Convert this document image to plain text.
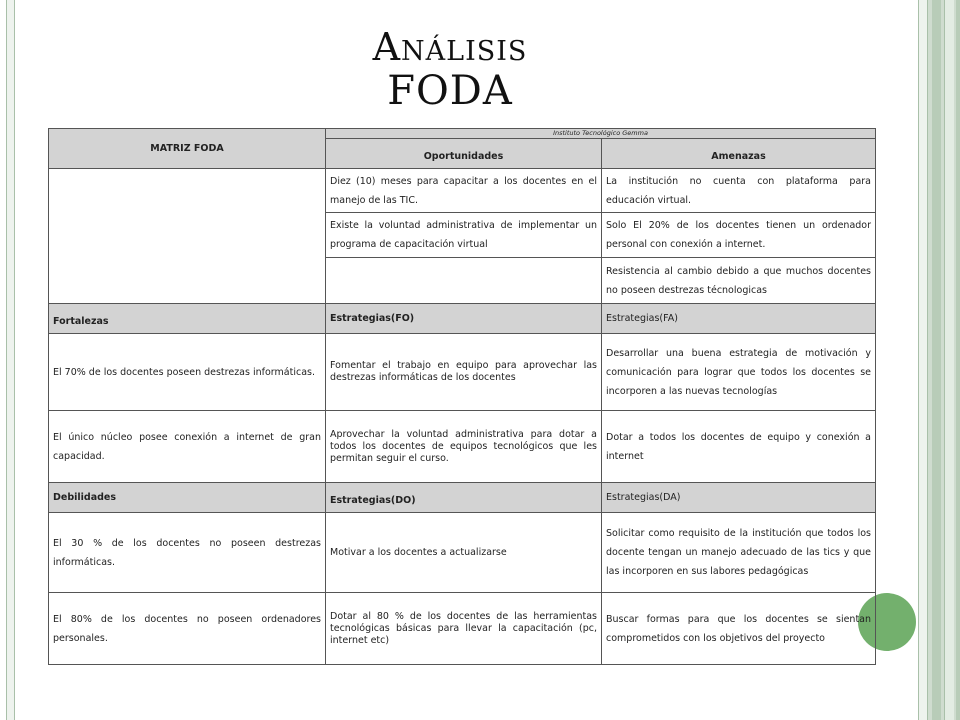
Análisis
FODA
MATRIZ FODA	Instituto Tecnológico Gemma	
	Oportunidades	Amenazas
	Diez (10) meses para capacitar a los docentes en el manejo de las TIC.	La institución no cuenta con plataforma para educación virtual.
	Existe la voluntad administrativa de implementar un programa de capacitación virtual	Solo El 20% de los docentes tienen un ordenador personal con conexión a internet.
		Resistencia al cambio debido a que muchos docentes no poseen destrezas técnologicas
Fortalezas	Estrategias(FO)	Estrategias(FA)
El 70% de los docentes poseen destrezas informáticas.	Fomentar el trabajo en equipo para aprovechar las destrezas informáticas de los docentes	Desarrollar una buena estrategia de motivación y comunicación para lograr que todos los docentes se incorporen a las nuevas tecnologías
El único núcleo posee conexión a internet de gran capacidad.	Aprovechar la voluntad administrativa para dotar a todos los docentes de equipos tecnológicos que les permitan seguir el curso.	Dotar a todos los docentes de equipo y conexión a internet
Debilidades	Estrategias(DO)	Estrategias(DA)
El 30 % de los docentes no poseen destrezas informáticas.	Motivar a los docentes a actualizarse	Solicitar como requisito de la institución que todos los docente tengan un manejo adecuado de las tics y que las incorporen en sus labores pedagógicas
El 80% de los docentes no poseen ordenadores personales.	Dotar al 80 % de los docentes de las herramientas tecnológicas básicas para llevar la capacitación (pc, internet etc)	Buscar formas para que los docentes se sientan comprometidos con los objetivos del proyecto
